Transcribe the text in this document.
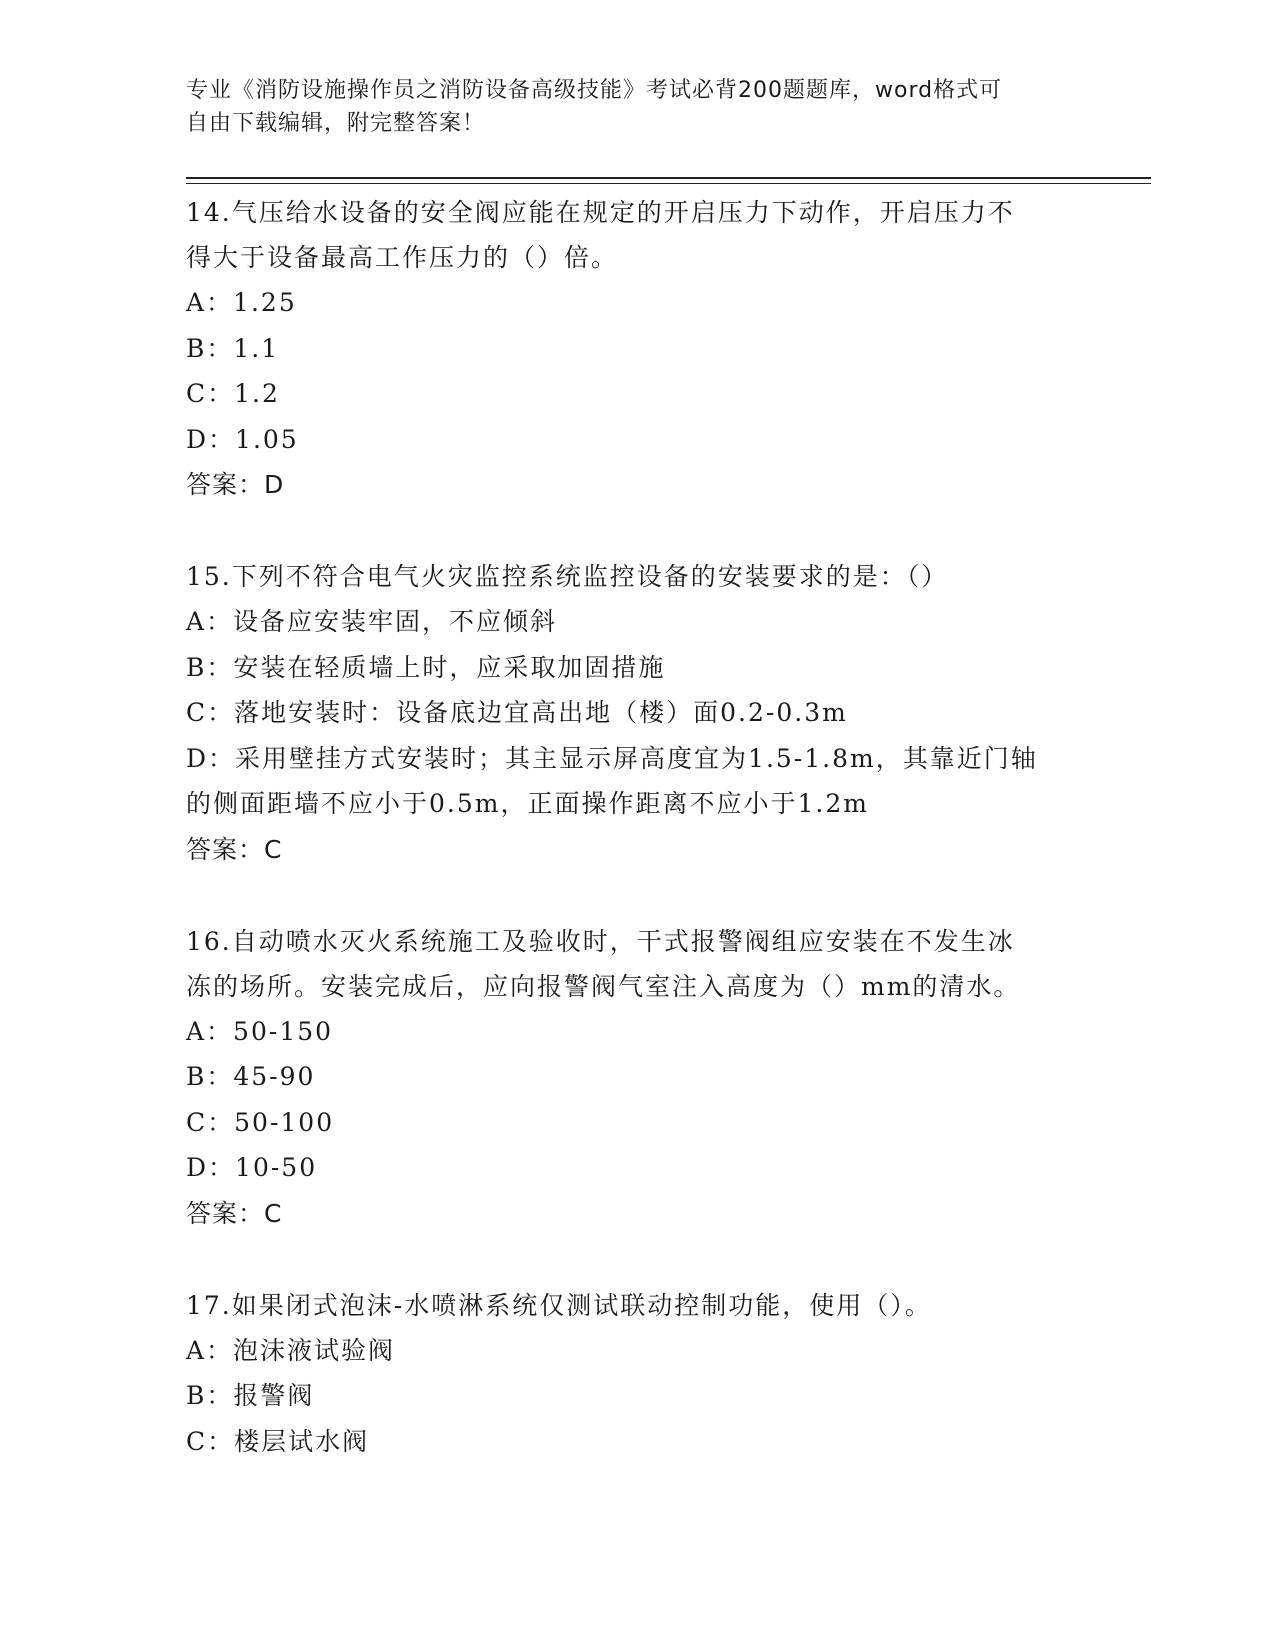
专业《消防设施操作员之消防设备高级技能》考试必背200题题库，word格式可
自由下载编辑，附完整答案！
14.气压给水设备的安全阀应能在规定的开启压力下动作，开启压力不
得大于设备最高工作压力的（）倍。
A：1.25
B：1.1
C：1.2
D：1.05
答案：D
15.下列不符合电气火灾监控系统监控设备的安装要求的是：（）
A：设备应安装牢固，不应倾斜
B：安装在轻质墙上时，应采取加固措施
C：落地安装时：设备底边宜高出地（楼）面0.2-0.3m
D：采用壁挂方式安装时；其主显示屏高度宜为1.5-1.8m，其靠近门轴
的侧面距墙不应小于0.5m，正面操作距离不应小于1.2m
答案：C
16.自动喷水灭火系统施工及验收时，干式报警阀组应安装在不发生冰
冻的场所。安装完成后，应向报警阀气室注入高度为（）mm的清水。
A：50-150
B：45-90
C：50-100
D：10-50
答案：C
17.如果闭式泡沫-水喷淋系统仅测试联动控制功能，使用（）。
A：泡沫液试验阀
B：报警阀
C：楼层试水阀
